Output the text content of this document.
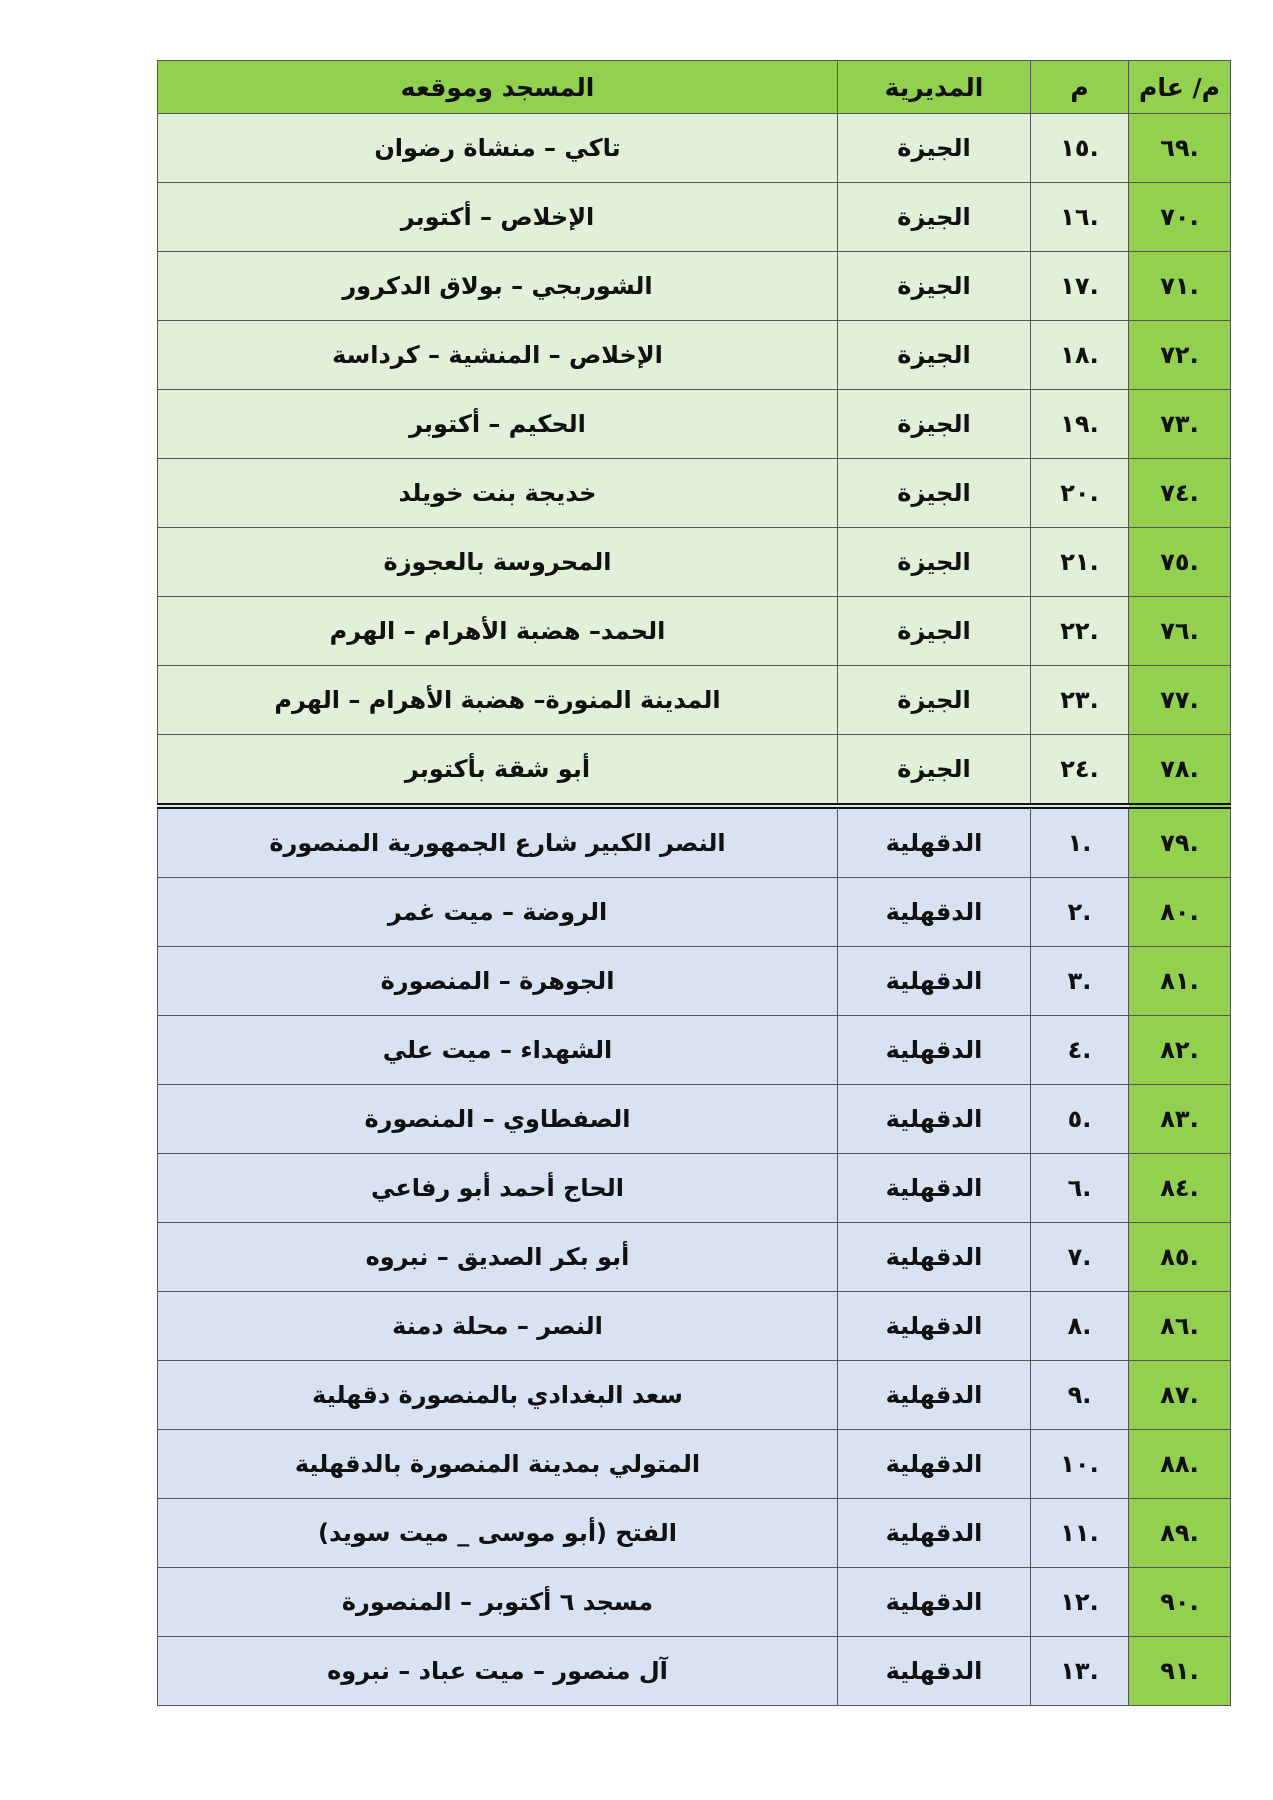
م/ عام	م	المديرية	المسجد وموقعه
.٦٩	.١٥	الجيزة	تاكي – منشاة رضوان
.٧٠	.١٦	الجيزة	الإخلاص – أكتوبر
.٧١	.١٧	الجيزة	الشوربجي – بولاق الدكرور
.٧٢	.١٨	الجيزة	الإخلاص – المنشية – كرداسة
.٧٣	.١٩	الجيزة	الحكيم – أكتوبر
.٧٤	.٢٠	الجيزة	خديجة بنت خويلد
.٧٥	.٢١	الجيزة	المحروسة بالعجوزة
.٧٦	.٢٢	الجيزة	الحمد– هضبة الأهرام – الهرم
.٧٧	.٢٣	الجيزة	المدينة المنورة– هضبة الأهرام – الهرم
.٧٨	.٢٤	الجيزة	أبو شقة بأكتوبر
.٧٩	.١	الدقهلية	النصر الكبير شارع الجمهورية المنصورة
.٨٠	.٢	الدقهلية	الروضة – ميت غمر
.٨١	.٣	الدقهلية	الجوهرة – المنصورة
.٨٢	.٤	الدقهلية	الشهداء – ميت علي
.٨٣	.٥	الدقهلية	الصفطاوي – المنصورة
.٨٤	.٦	الدقهلية	الحاج أحمد أبو رفاعي
.٨٥	.٧	الدقهلية	أبو بكر الصديق – نبروه
.٨٦	.٨	الدقهلية	النصر – محلة دمنة
.٨٧	.٩	الدقهلية	سعد البغدادي بالمنصورة دقهلية
.٨٨	.١٠	الدقهلية	المتولي بمدينة المنصورة بالدقهلية
.٨٩	.١١	الدقهلية	الفتح (أبو موسى _ ميت سويد)
.٩٠	.١٢	الدقهلية	مسجد ٦ أكتوبر – المنصورة
.٩١	.١٣	الدقهلية	آل منصور – ميت عباد – نبروه
